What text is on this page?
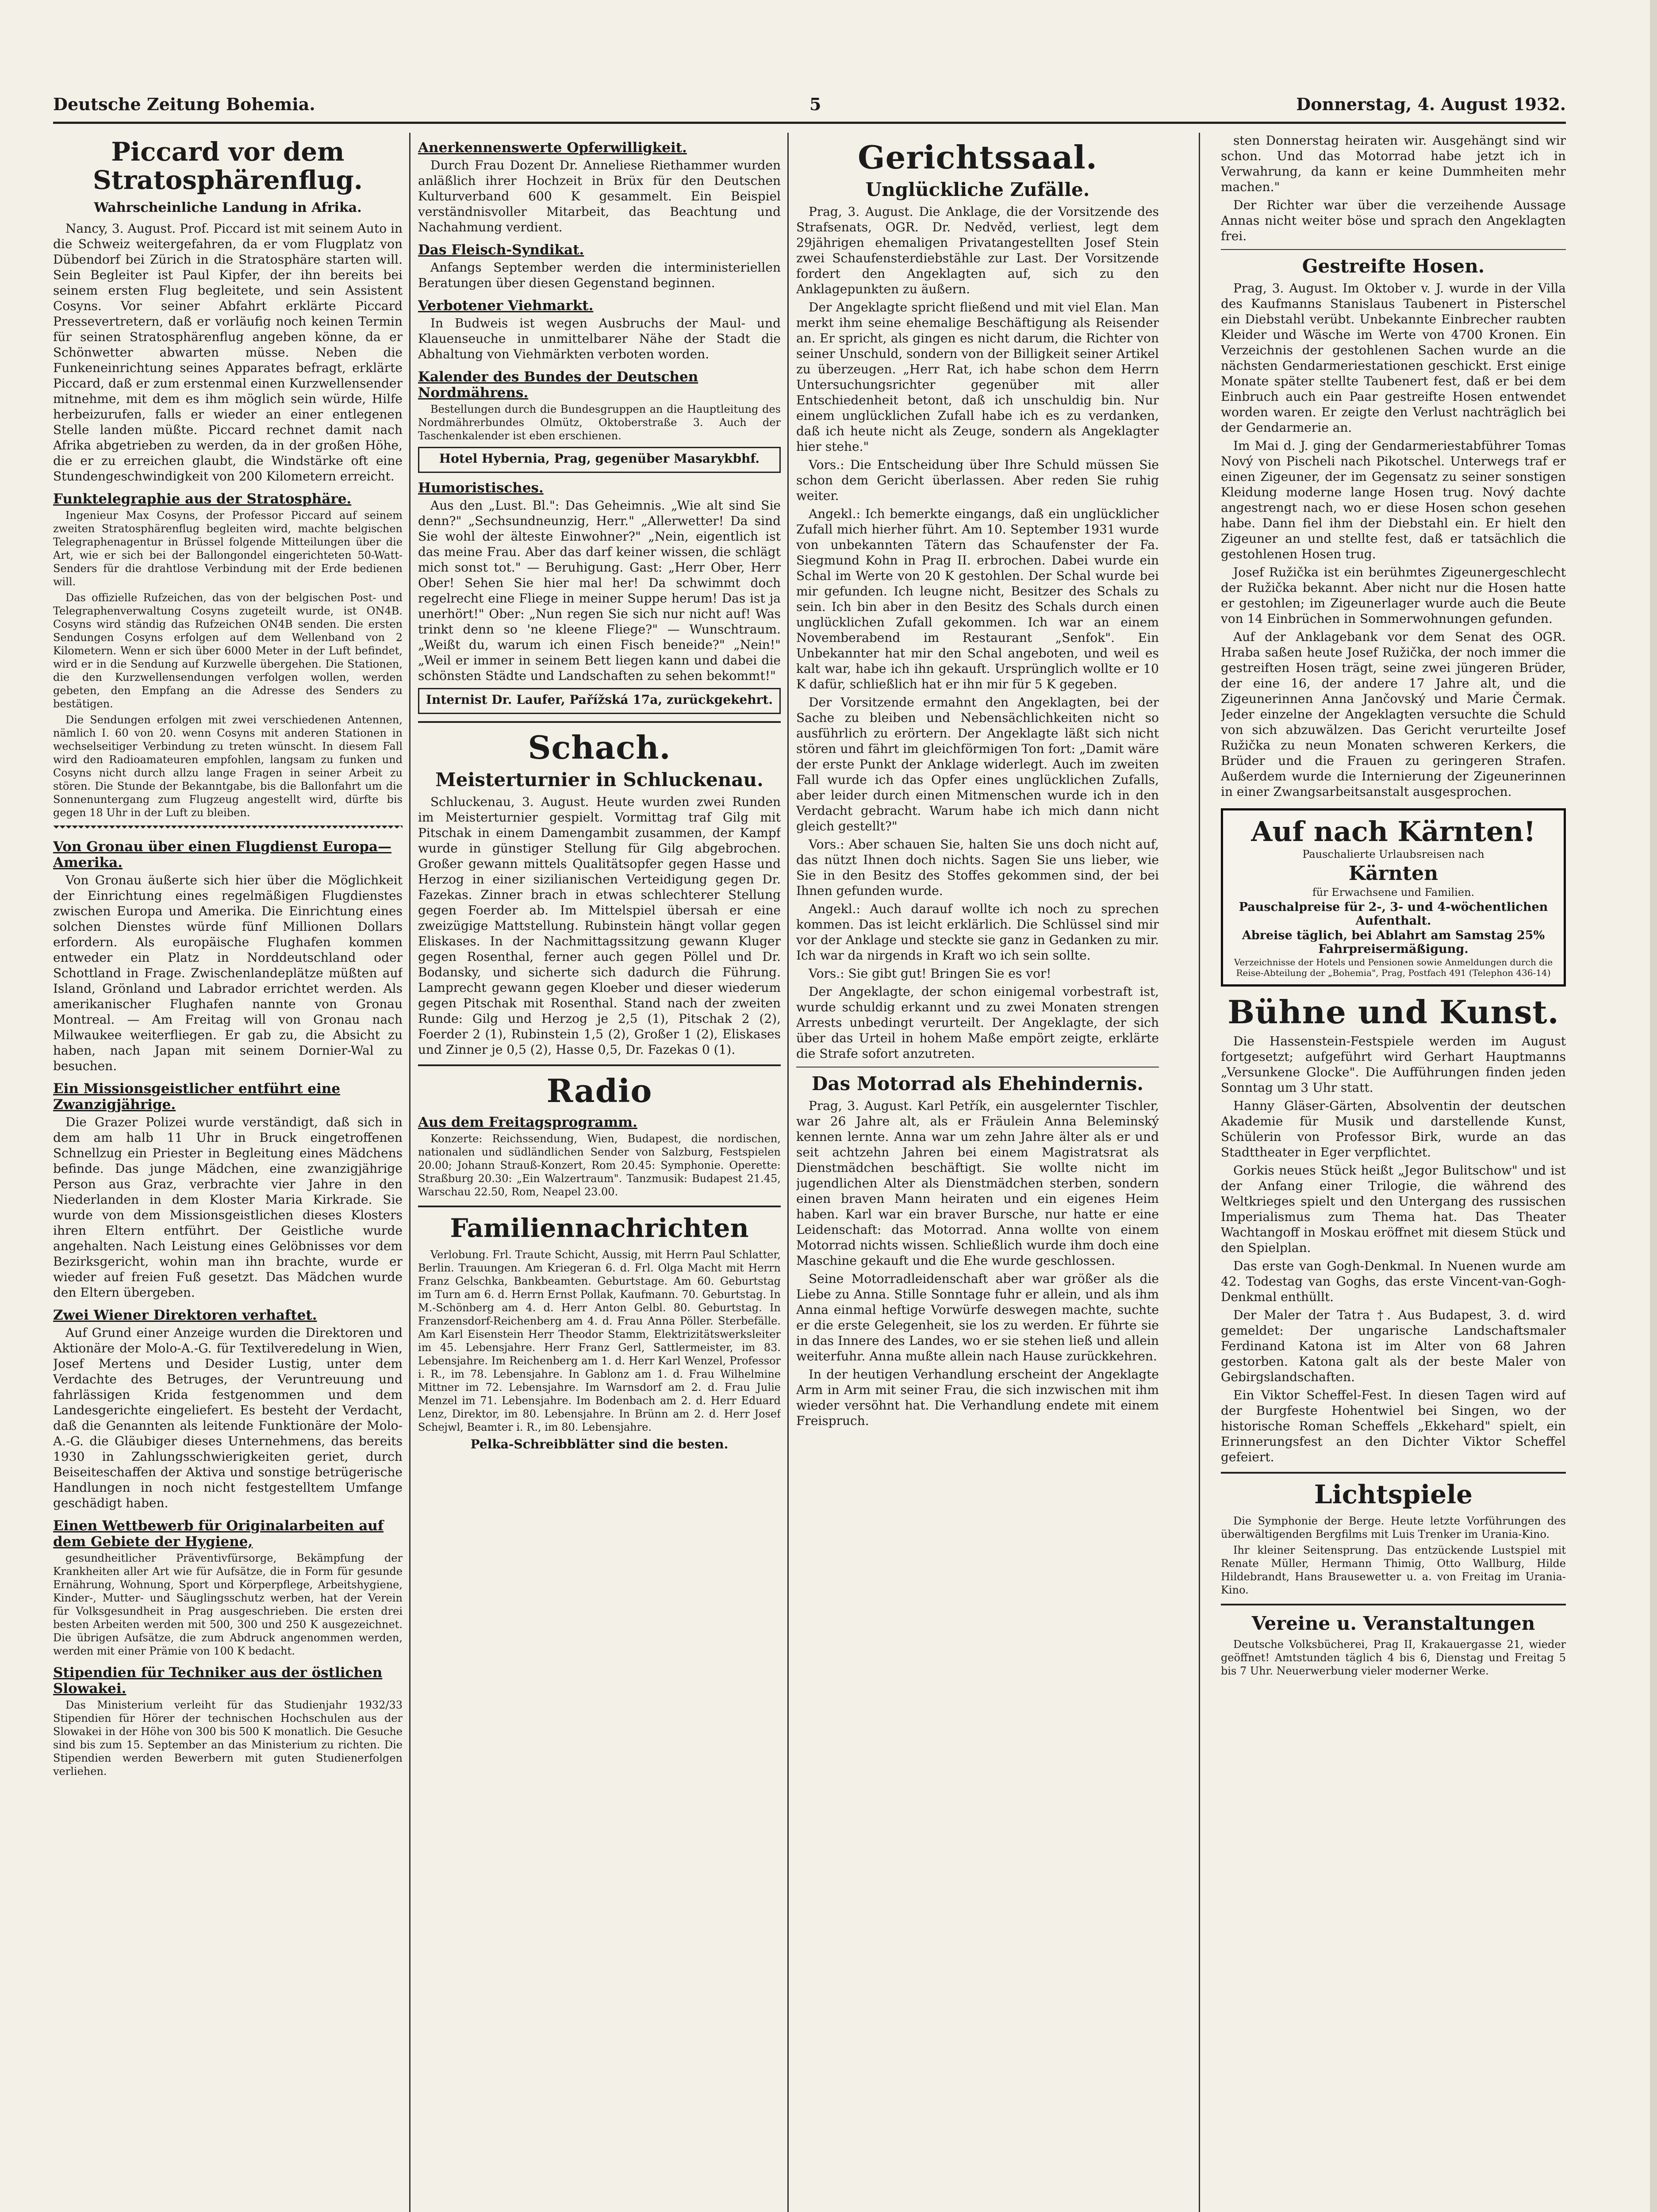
Deutsche Zeitung Bohemia.	5	Donnerstag, 4. August 1932.
Piccard vor dem Stratosphärenflug.
Wahrscheinliche Landung in Afrika.

Nancy, 3. August. Prof. Piccard ist mit seinem Auto in die Schweiz weitergefahren, da er vom Flugplatz von Dübendorf bei Zürich in die Stratosphäre starten will. Sein Begleiter ist Paul Kipfer, der ihn bereits bei seinem ersten Flug begleitete, und sein Assistent Cosyns. Vor seiner Abfahrt erklärte Piccard Pressevertretern, daß er vorläufig noch keinen Termin für seinen Stratosphärenflug angeben könne, da er Schönwetter abwarten müsse. Neben die Funkeneinrichtung seines Apparates befragt, erklärte Piccard, daß er zum erstenmal einen Kurzwellensender mitnehme, mit dem es ihm möglich sein würde, Hilfe herbeizurufen, falls er wieder an einer entlegenen Stelle landen müßte. Piccard rechnet damit nach Afrika abgetrieben zu werden, da in der großen Höhe, die er zu erreichen glaubt, die Windstärke oft eine Stundengeschwindigkeit von 200 Kilometern erreicht.

Funktelegraphie aus der Stratosphäre.

Ingenieur Max Cosyns, der Professor Piccard auf seinem zweiten Stratosphärenflug begleiten wird, machte belgischen Telegraphenagentur in Brüssel folgende Mitteilungen über die Art, wie er sich bei der Ballongondel eingerichteten 50-Watt-Senders für die drahtlose Verbindung mit der Erde bedienen will.

Das offizielle Rufzeichen, das von der belgischen Post- und Telegraphenverwaltung Cosyns zugeteilt wurde, ist ON4B. Cosyns wird ständig das Rufzeichen ON4B senden. Die ersten Sendungen Cosyns erfolgen auf dem Wellenband von 2 Kilometern. Wenn er sich über 6000 Meter in der Luft befindet, wird er in die Sendung auf Kurzwelle übergehen. Die Stationen, die den Kurzwellensendungen verfolgen wollen, werden gebeten, den Empfang an die Adresse des Senders zu bestätigen.

Die Sendungen erfolgen mit zwei verschiedenen Antennen, nämlich I. 60 von 20. wenn Cosyns mit anderen Stationen in wechselseitiger Verbindung zu treten wünscht. In diesem Fall wird den Radioamateuren empfohlen, langsam zu funken und Cosyns nicht durch allzu lange Fragen in seiner Arbeit zu stören. Die Stunde der Bekanntgabe, bis die Ballonfahrt um die Sonnenuntergang zum Flugzeug angestellt wird, dürfte bis gegen 18 Uhr in der Luft zu bleiben.

Von Gronau über einen Flugdienst Europa—Amerika.

Von Gronau äußerte sich hier über die Möglichkeit der Einrichtung eines regelmäßigen Flugdienstes zwischen Europa und Amerika. Die Einrichtung eines solchen Dienstes würde fünf Millionen Dollars erfordern. Als europäische Flughafen kommen entweder ein Platz in Norddeutschland oder Schottland in Frage. Zwischenlandeplätze müßten auf Island, Grönland und Labrador errichtet werden. Als amerikanischer Flughafen nannte von Gronau Montreal. — Am Freitag will von Gronau nach Milwaukee weiterfliegen. Er gab zu, die Absicht zu haben, nach Japan mit seinem Dornier-Wal zu besuchen.

Ein Missionsgeistlicher entführt eine Zwanzigjährige.

Die Grazer Polizei wurde verständigt, daß sich in dem am halb 11 Uhr in Bruck eingetroffenen Schnellzug ein Priester in Begleitung eines Mädchens befinde. Das junge Mädchen, eine zwanzigjährige Person aus Graz, verbrachte vier Jahre in den Niederlanden in dem Kloster Maria Kirkrade. Sie wurde von dem Missionsgeistlichen dieses Klosters ihren Eltern entführt. Der Geistliche wurde angehalten. Nach Leistung eines Gelöbnisses vor dem Bezirksgericht, wohin man ihn brachte, wurde er wieder auf freien Fuß gesetzt. Das Mädchen wurde den Eltern übergeben.

Zwei Wiener Direktoren verhaftet.

Auf Grund einer Anzeige wurden die Direktoren und Aktionäre der Molo-A.-G. für Textilveredelung in Wien, Josef Mertens und Desider Lustig, unter dem Verdachte des Betruges, der Veruntreuung und fahrlässigen Krida festgenommen und dem Landesgerichte eingeliefert. Es besteht der Verdacht, daß die Genannten als leitende Funktionäre der Molo-A.-G. die Gläubiger dieses Unternehmens, das bereits 1930 in Zahlungsschwierigkeiten geriet, durch Beiseiteschaffen der Aktiva und sonstige betrügerische Handlungen in noch nicht festgestelltem Umfange geschädigt haben.

Einen Wettbewerb für Originalarbeiten auf dem Gebiete der Hygiene,

gesundheitlicher Präventivfürsorge, Bekämpfung der Krankheiten aller Art wie für Aufsätze, die in Form für gesunde Ernährung, Wohnung, Sport und Körperpflege, Arbeitshygiene, Kinder-, Mutter- und Säuglingsschutz werben, hat der Verein für Volksgesundheit in Prag ausgeschrieben. Die ersten drei besten Arbeiten werden mit 500, 300 und 250 K ausgezeichnet. Die übrigen Aufsätze, die zum Abdruck angenommen werden, werden mit einer Prämie von 100 K bedacht.

Stipendien für Techniker aus der östlichen Slowakei.

Das Ministerium verleiht für das Studienjahr 1932/33 Stipendien für Hörer der technischen Hochschulen aus der Slowakei in der Höhe von 300 bis 500 K monatlich. Die Gesuche sind bis zum 15. September an das Ministerium zu richten. Die Stipendien werden Bewerbern mit guten Studienerfolgen verliehen.

Anerkennenswerte Opferwilligkeit.

Durch Frau Dozent Dr. Anneliese Riethammer wurden anläßlich ihrer Hochzeit in Brüx für den Deutschen Kulturverband 600 K gesammelt. Ein Beispiel verständnisvoller Mitarbeit, das Beachtung und Nachahmung verdient.

Das Fleisch-Syndikat.

Anfangs September werden die interministeriellen Beratungen über diesen Gegenstand beginnen.

Verbotener Viehmarkt.

In Budweis ist wegen Ausbruchs der Maul- und Klauenseuche in unmittelbarer Nähe der Stadt die Abhaltung von Viehmärkten verboten worden.

Kalender des Bundes der Deutschen Nordmährens.

Bestellungen durch die Bundesgruppen an die Hauptleitung des Nordmährerbundes Olmütz, Oktoberstraße 3. Auch der Taschenkalender ist eben erschienen.

Hotel Hybernia, Prag, gegenüber Masarykbhf.

Humoristisches.

Aus den „Lust. Bl.": Das Geheimnis. „Wie alt sind Sie denn?" „Sechsundneunzig, Herr." „Allerwetter! Da sind Sie wohl der älteste Einwohner?" „Nein, eigentlich ist das meine Frau. Aber das darf keiner wissen, die schlägt mich sonst tot." — Beruhigung. Gast: „Herr Ober, Herr Ober! Sehen Sie hier mal her! Da schwimmt doch regelrecht eine Fliege in meiner Suppe herum! Das ist ja unerhört!" Ober: „Nun regen Sie sich nur nicht auf! Was trinkt denn so 'ne kleene Fliege?" — Wunschtraum. „Weißt du, warum ich einen Fisch beneide?" „Nein!" „Weil er immer in seinem Bett liegen kann und dabei die schönsten Städte und Landschaften zu sehen bekommt!"

Internist Dr. Laufer, Pařížská 17a, zurückgekehrt.

Schach.
Meisterturnier in Schluckenau.

Schluckenau, 3. August. Heute wurden zwei Runden im Meisterturnier gespielt. Vormittag traf Gilg mit Pitschak in einem Damengambit zusammen, der Kampf wurde in günstiger Stellung für Gilg abgebrochen. Großer gewann mittels Qualitätsopfer gegen Hasse und Herzog in einer sizilianischen Verteidigung gegen Dr. Fazekas. Zinner brach in etwas schlechterer Stellung gegen Foerder ab. Im Mittelspiel übersah er eine zweizügige Mattstellung. Rubinstein hängt vollar gegen Eliskases. In der Nachmittagssitzung gewann Kluger gegen Rosenthal, ferner auch gegen Pöllel und Dr. Bodansky, und sicherte sich dadurch die Führung. Lamprecht gewann gegen Kloeber und dieser wiederum gegen Pitschak mit Rosenthal. Stand nach der zweiten Runde: Gilg und Herzog je 2,5 (1), Pitschak 2 (2), Foerder 2 (1), Rubinstein 1,5 (2), Großer 1 (2), Eliskases und Zinner je 0,5 (2), Hasse 0,5, Dr. Fazekas 0 (1).

Radio
Aus dem Freitagsprogramm.

Konzerte: Reichssendung, Wien, Budapest, die nordischen, nationalen und südländlichen Sender von Salzburg, Festspielen 20.00; Johann Strauß-Konzert, Rom 20.45: Symphonie. Operette: Straßburg 20.30: „Ein Walzertraum". Tanzmusik: Budapest 21.45, Warschau 22.50, Rom, Neapel 23.00.

Familiennachrichten

Verlobung. Frl. Traute Schicht, Aussig, mit Herrn Paul Schlatter, Berlin. Trauungen. Am Kriegeran 6. d. Frl. Olga Macht mit Herrn Franz Gelschka, Bankbeamten. Geburtstage. Am 60. Geburtstag im Turn am 6. d. Herrn Ernst Pollak, Kaufmann. 70. Geburtstag. In M.-Schönberg am 4. d. Herr Anton Gelbl. 80. Geburtstag. In Franzensdorf-Reichenberg am 4. d. Frau Anna Pöller. Sterbefälle. Am Karl Eisenstein Herr Theodor Stamm, Elektrizitätswerksleiter im 45. Lebensjahre. Herr Franz Gerl, Sattlermeister, im 83. Lebensjahre. Im Reichenberg am 1. d. Herr Karl Wenzel, Professor i. R., im 78. Lebensjahre. In Gablonz am 1. d. Frau Wilhelmine Mittner im 72. Lebensjahre. Im Warnsdorf am 2. d. Frau Julie Menzel im 71. Lebensjahre. Im Bodenbach am 2. d. Herr Eduard Lenz, Direktor, im 80. Lebensjahre. In Brünn am 2. d. Herr Josef Schejwl, Beamter i. R., im 80. Lebensjahre.

Pelka-Schreibblätter sind die besten.

Gerichtssaal.
Unglückliche Zufälle.

Prag, 3. August. Die Anklage, die der Vorsitzende des Strafsenats, OGR. Dr. Nedvěd, verliest, legt dem 29jährigen ehemaligen Privatangestellten Josef Stein zwei Schaufensterdiebstähle zur Last. Der Vorsitzende fordert den Angeklagten auf, sich zu den Anklagepunkten zu äußern.

Der Angeklagte spricht fließend und mit viel Elan. Man merkt ihm seine ehemalige Beschäftigung als Reisender an. Er spricht, als gingen es nicht darum, die Richter von seiner Unschuld, sondern von der Billigkeit seiner Artikel zu überzeugen. „Herr Rat, ich habe schon dem Herrn Untersuchungsrichter gegenüber mit aller Entschiedenheit betont, daß ich unschuldig bin. Nur einem unglücklichen Zufall habe ich es zu verdanken, daß ich heute nicht als Zeuge, sondern als Angeklagter hier stehe."

Vors.: Die Entscheidung über Ihre Schuld müssen Sie schon dem Gericht überlassen. Aber reden Sie ruhig weiter.

Angekl.: Ich bemerkte eingangs, daß ein unglücklicher Zufall mich hierher führt. Am 10. September 1931 wurde von unbekannten Tätern das Schaufenster der Fa. Siegmund Kohn in Prag II. erbrochen. Dabei wurde ein Schal im Werte von 20 K gestohlen. Der Schal wurde bei mir gefunden. Ich leugne nicht, Besitzer des Schals zu sein. Ich bin aber in den Besitz des Schals durch einen unglücklichen Zufall gekommen. Ich war an einem Novemberabend im Restaurant „Senfok". Ein Unbekannter hat mir den Schal angeboten, und weil es kalt war, habe ich ihn gekauft. Ursprünglich wollte er 10 K dafür, schließlich hat er ihn mir für 5 K gegeben.

Der Vorsitzende ermahnt den Angeklagten, bei der Sache zu bleiben und Nebensächlichkeiten nicht so ausführlich zu erörtern. Der Angeklagte läßt sich nicht stören und fährt im gleichförmigen Ton fort: „Damit wäre der erste Punkt der Anklage widerlegt. Auch im zweiten Fall wurde ich das Opfer eines unglücklichen Zufalls, aber leider durch einen Mitmenschen wurde ich in den Verdacht gebracht. Warum habe ich mich dann nicht gleich gestellt?"

Vors.: Aber schauen Sie, halten Sie uns doch nicht auf, das nützt Ihnen doch nichts. Sagen Sie uns lieber, wie Sie in den Besitz des Stoffes gekommen sind, der bei Ihnen gefunden wurde.

Angekl.: Auch darauf wollte ich noch zu sprechen kommen. Das ist leicht erklärlich. Die Schlüssel sind mir vor der Anklage und steckte sie ganz in Gedanken zu mir. Ich war da nirgends in Kraft wo ich sein sollte.

Vors.: Sie gibt gut! Bringen Sie es vor!

Der Angeklagte, der schon einigemal vorbestraft ist, wurde schuldig erkannt und zu zwei Monaten strengen Arrests unbedingt verurteilt. Der Angeklagte, der sich über das Urteil in hohem Maße empört zeigte, erklärte die Strafe sofort anzutreten.

Das Motorrad als Ehehindernis.

Prag, 3. August. Karl Petřík, ein ausgelernter Tischler, war 26 Jahre alt, als er Fräulein Anna Beleminský kennen lernte. Anna war um zehn Jahre älter als er und seit achtzehn Jahren bei einem Magistratsrat als Dienstmädchen beschäftigt. Sie wollte nicht im jugendlichen Alter als Dienstmädchen sterben, sondern einen braven Mann heiraten und ein eigenes Heim haben. Karl war ein braver Bursche, nur hatte er eine Leidenschaft: das Motorrad. Anna wollte von einem Motorrad nichts wissen. Schließlich wurde ihm doch eine Maschine gekauft und die Ehe wurde geschlossen.

Seine Motorradleidenschaft aber war größer als die Liebe zu Anna. Stille Sonntage fuhr er allein, und als ihm Anna einmal heftige Vorwürfe deswegen machte, suchte er die erste Gelegenheit, sie los zu werden. Er führte sie in das Innere des Landes, wo er sie stehen ließ und allein weiterfuhr. Anna mußte allein nach Hause zurückkehren.

In der heutigen Verhandlung erscheint der Angeklagte Arm in Arm mit seiner Frau, die sich inzwischen mit ihm wieder versöhnt hat. Die Verhandlung endete mit einem Freispruch.

sten Donnerstag heiraten wir. Ausgehängt sind wir schon. Und das Motorrad habe jetzt ich in Verwahrung, da kann er keine Dummheiten mehr machen."

Der Richter war über die verzeihende Aussage Annas nicht weiter böse und sprach den Angeklagten frei.

Gestreifte Hosen.

Prag, 3. August. Im Oktober v. J. wurde in der Villa des Kaufmanns Stanislaus Taubenert in Pisterschel ein Diebstahl verübt. Unbekannte Einbrecher raubten Kleider und Wäsche im Werte von 4700 Kronen. Ein Verzeichnis der gestohlenen Sachen wurde an die nächsten Gendarmeriestationen geschickt. Erst einige Monate später stellte Taubenert fest, daß er bei dem Einbruch auch ein Paar gestreifte Hosen entwendet worden waren. Er zeigte den Verlust nachträglich bei der Gendarmerie an.

Im Mai d. J. ging der Gendarmeriestabführer Tomas Nový von Pischeli nach Pikotschel. Unterwegs traf er einen Zigeuner, der im Gegensatz zu seiner sonstigen Kleidung moderne lange Hosen trug. Nový dachte angestrengt nach, wo er diese Hosen schon gesehen habe. Dann fiel ihm der Diebstahl ein. Er hielt den Zigeuner an und stellte fest, daß er tatsächlich die gestohlenen Hosen trug.

Josef Ružička ist ein berühmtes Zigeunergeschlecht der Ružička bekannt. Aber nicht nur die Hosen hatte er gestohlen; im Zigeunerlager wurde auch die Beute von 14 Einbrüchen in Sommerwohnungen gefunden.

Auf der Anklagebank vor dem Senat des OGR. Hraba saßen heute Josef Ružička, der noch immer die gestreiften Hosen trägt, seine zwei jüngeren Brüder, der eine 16, der andere 17 Jahre alt, und die Zigeunerinnen Anna Jančovský und Marie Čermak. Jeder einzelne der Angeklagten versuchte die Schuld von sich abzuwälzen. Das Gericht verurteilte Josef Ružička zu neun Monaten schweren Kerkers, die Brüder und die Frauen zu geringeren Strafen. Außerdem wurde die Internierung der Zigeunerinnen in einer Zwangsarbeitsanstalt ausgesprochen.

Auf nach Kärnten!
Pauschalierte Urlaubsreisen nach
Kärnten
für Erwachsene und Familien.
Pauschalpreise für 2-, 3- und 4-wöchentlichen Aufenthalt.
Abreise täglich, bei Ablahrt am Samstag 25% Fahrpreisermäßigung.
Verzeichnisse der Hotels und Pensionen sowie Anmeldungen durch die Reise-Abteilung der „Bohemia", Prag, Postfach 491 (Telephon 436-14)
Bühne und Kunst.

Die Hassenstein-Festspiele werden im August fortgesetzt; aufgeführt wird Gerhart Hauptmanns „Versunkene Glocke". Die Aufführungen finden jeden Sonntag um 3 Uhr statt.

Hanny Gläser-Gärten, Absolventin der deutschen Akademie für Musik und darstellende Kunst, Schülerin von Professor Birk, wurde an das Stadttheater in Eger verpflichtet.

Gorkis neues Stück heißt „Jegor Bulitschow" und ist der Anfang einer Trilogie, die während des Weltkrieges spielt und den Untergang des russischen Imperialismus zum Thema hat. Das Theater Wachtangoff in Moskau eröffnet mit diesem Stück und den Spielplan.

Das erste van Gogh-Denkmal. In Nuenen wurde am 42. Todestag van Goghs, das erste Vincent-van-Gogh-Denkmal enthüllt.

Der Maler der Tatra †. Aus Budapest, 3. d. wird gemeldet: Der ungarische Landschaftsmaler Ferdinand Katona ist im Alter von 68 Jahren gestorben. Katona galt als der beste Maler von Gebirgslandschaften.

Ein Viktor Scheffel-Fest. In diesen Tagen wird auf der Burgfeste Hohentwiel bei Singen, wo der historische Roman Scheffels „Ekkehard" spielt, ein Erinnerungsfest an den Dichter Viktor Scheffel gefeiert.

Lichtspiele

Die Symphonie der Berge. Heute letzte Vorführungen des überwältigenden Bergfilms mit Luis Trenker im Urania-Kino.

Ihr kleiner Seitensprung. Das entzückende Lustspiel mit Renate Müller, Hermann Thimig, Otto Wallburg, Hilde Hildebrandt, Hans Brausewetter u. a. von Freitag im Urania-Kino.

Vereine u. Veranstaltungen

Deutsche Volksbücherei, Prag II, Krakauergasse 21, wieder geöffnet! Amtstunden täglich 4 bis 6, Dienstag und Freitag 5 bis 7 Uhr. Neuerwerbung vieler moderner Werke.
